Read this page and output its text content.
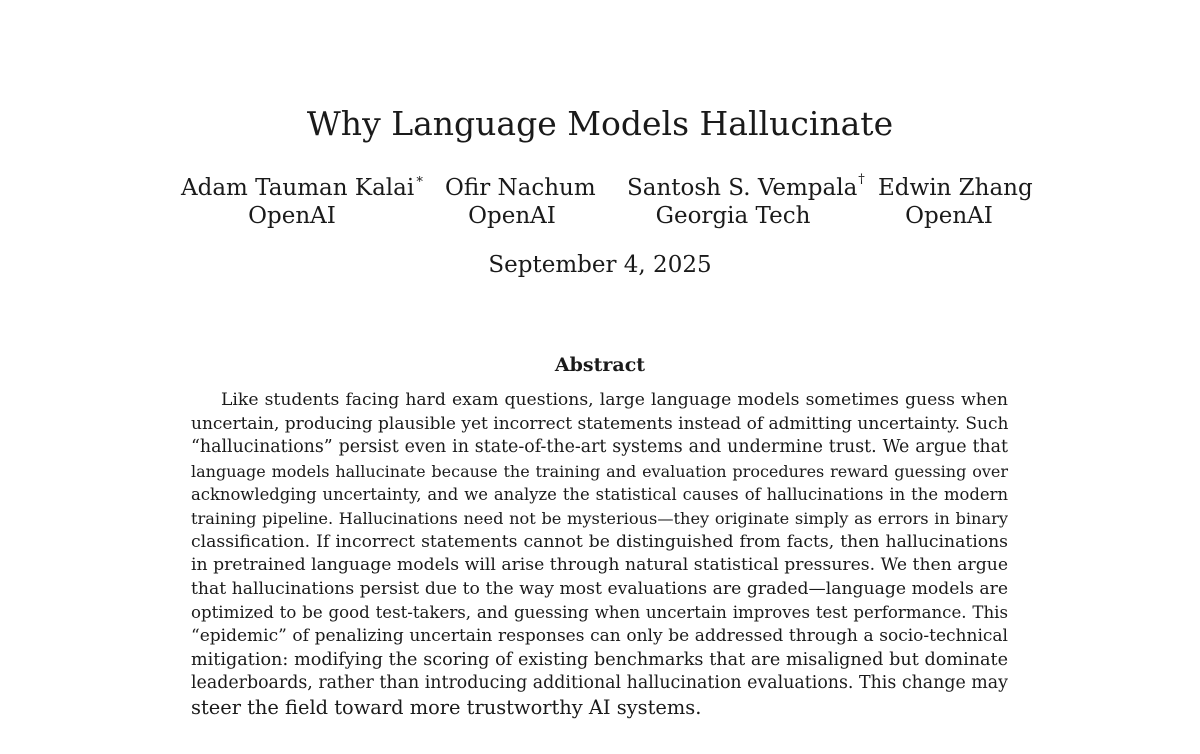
Why Language Models Hallucinate
Adam Tauman Kalai∗
OpenAI
Ofir Nachum
OpenAI
Santosh S. Vempala†
Georgia Tech
Edwin Zhang
OpenAI
September 4, 2025
Abstract
Like students facing hard exam questions, large language models sometimes guess when
uncertain, producing plausible yet incorrect statements instead of admitting uncertainty. Such
“hallucinations” persist even in state-of-the-art systems and undermine trust. We argue that
language models hallucinate because the training and evaluation procedures reward guessing over
acknowledging uncertainty, and we analyze the statistical causes of hallucinations in the modern
training pipeline. Hallucinations need not be mysterious—they originate simply as errors in binary
classification. If incorrect statements cannot be distinguished from facts, then hallucinations
in pretrained language models will arise through natural statistical pressures. We then argue
that hallucinations persist due to the way most evaluations are graded—language models are
optimized to be good test-takers, and guessing when uncertain improves test performance. This
“epidemic” of penalizing uncertain responses can only be addressed through a socio-technical
mitigation: modifying the scoring of existing benchmarks that are misaligned but dominate
leaderboards, rather than introducing additional hallucination evaluations. This change may
steer the field toward more trustworthy AI systems.
